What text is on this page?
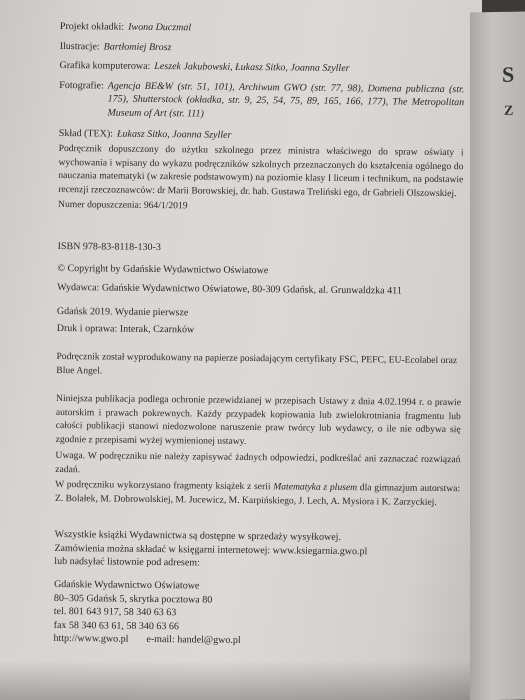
Projekt okładki: Iwona Duczmal
Ilustracje: Bartłomiej Brosz
Grafika komputerowa: Leszek Jakubowski, Łukasz Sitko, Joanna Szyller
Fotografie: Agencja BE&W (str. 51, 101), Archiwum GWO (str. 77, 98), Domena publiczna (str. 175), Shutterstock (okładka, str. 9, 25, 54, 75, 89, 165, 166, 177), The Metropolitan Museum of Art (str. 111)
Skład (TEX): Łukasz Sitko, Joanna Szyller

Podręcznik dopuszczony do użytku szkolnego przez ministra właściwego do spraw oświaty i wychowania i wpisany do wykazu podręczników szkolnych przeznaczonych do kształcenia ogólnego do nauczania matematyki (w zakresie podstawowym) na poziomie klasy I liceum i technikum, na podstawie recenzji rzeczoznawców: dr Marii Borowskiej, dr. hab. Gustawa Treliński ego, dr Gabrieli Olszowskiej.

Numer dopuszczenia: 964/1/2019

ISBN 978-83-8118-130-3

© Copyright by Gdańskie Wydawnictwo Oświatowe

Wydawca: Gdańskie Wydawnictwo Oświatowe, 80-309 Gdańsk, al. Grunwaldzka 411

Gdańsk 2019. Wydanie pierwsze

Druk i oprawa: Interak, Czarnków

Podręcznik został wyprodukowany na papierze posiadającym certyfikaty FSC, PEFC, EU-Ecolabel oraz Blue Angel.

Niniejsza publikacja podlega ochronie przewidzianej w przepisach Ustawy z dnia 4.02.1994 r. o prawie autorskim i prawach pokrewnych. Każdy przypadek kopiowania lub zwielokrotniania fragmentu lub całości publikacji stanowi niedozwolone naruszenie praw twórcy lub wydawcy, o ile nie odbywa się zgodnie z przepisami wyżej wymienionej ustawy.

Uwaga. W podręczniku nie należy zapisywać żadnych odpowiedzi, podkreślać ani zaznaczać rozwiązań zadań.

W podręczniku wykorzystano fragmenty książek z serii Matematyka z plusem dla gimnazjum autorstwa: Z. Bolałek, M. Dobrowolskiej, M. Jucewicz, M. Karpińskiego, J. Lech, A. Mysiora i K. Zarzyckiej.

Wszystkie książki Wydawnictwa są dostępne w sprzedaży wysyłkowej.

Zamówienia można składać w księgarni internetowej: www.ksiegarnia.gwo.pl

lub nadsyłać listownie pod adresem:

Gdańskie Wydawnictwo Oświatowe

80–305 Gdańsk 5, skrytka pocztowa 80

tel. 801 643 917, 58 340 63 63

fax 58 340 63 61, 58 340 63 66

http://www.gwo.pl e-mail: handel@gwo.pl

S
Z
